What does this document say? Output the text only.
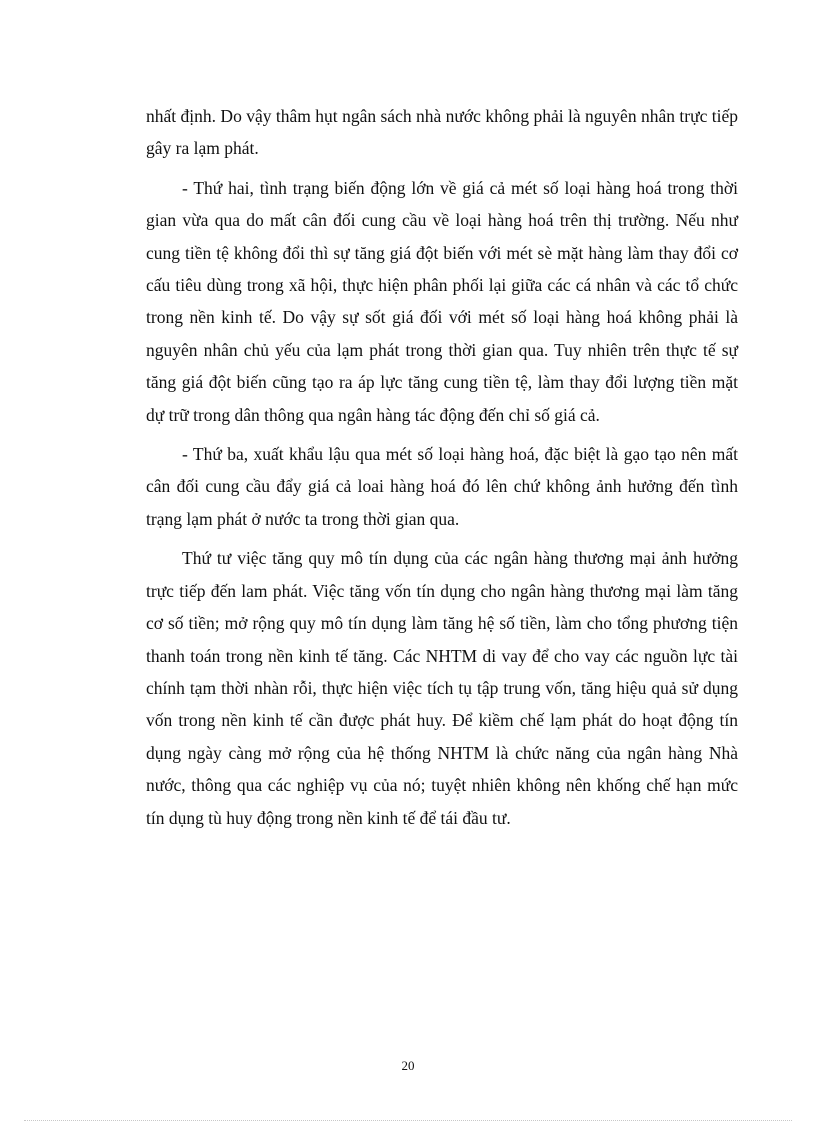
nhất định. Do vậy thâm hụt ngân sách nhà nước không phải là nguyên nhân trực tiếp gây ra lạm phát.

- Thứ hai, tình trạng biến động lớn về giá cả mét số loại hàng hoá trong thời gian vừa qua do mất cân đối cung cầu về loại hàng hoá trên thị trường. Nếu như cung tiền tệ không đổi thì sự tăng giá đột biến với mét sè mặt hàng làm thay đổi cơ cấu tiêu dùng trong xã hội, thực hiện phân phối lại giữa các cá nhân và các tổ chức trong nền kinh tế. Do vậy sự sốt giá đối với mét số loại hàng hoá không phải là nguyên nhân chủ yếu của lạm phát trong thời gian qua. Tuy nhiên trên thực tế sự tăng giá đột biến cũng tạo ra áp lực tăng cung tiền tệ, làm thay đổi lượng tiền mặt dự trữ trong dân thông qua ngân hàng tác động đến chỉ số giá cả.

- Thứ ba, xuất khẩu lậu qua mét số loại hàng hoá, đặc biệt là gạo tạo nên mất cân đối cung cầu đẩy giá cả loai hàng hoá đó lên chứ không ảnh hưởng đến tình trạng lạm phát ở nước ta trong thời gian qua.

Thứ tư việc tăng quy mô tín dụng của các ngân hàng thương mại ảnh hưởng trực tiếp đến lam phát. Việc tăng vốn tín dụng cho ngân hàng thương mại làm tăng cơ số tiền; mở rộng quy mô tín dụng làm tăng hệ số tiền, làm cho tổng phương tiện thanh toán trong nền kinh tế tăng. Các NHTM di vay để cho vay các nguồn lực tài chính tạm thời nhàn rỗi, thực hiện việc tích tụ tập trung vốn, tăng hiệu quả sử dụng vốn trong nền kinh tế cần được phát huy. Để kiềm chế lạm phát do hoạt động tín dụng ngày càng mở rộng của hệ thống NHTM là chức năng của ngân hàng Nhà nước, thông qua các nghiệp vụ của nó; tuyệt nhiên không nên khống chế hạn mức tín dụng tù huy động trong nền kinh tế để tái đầu tư.

20
